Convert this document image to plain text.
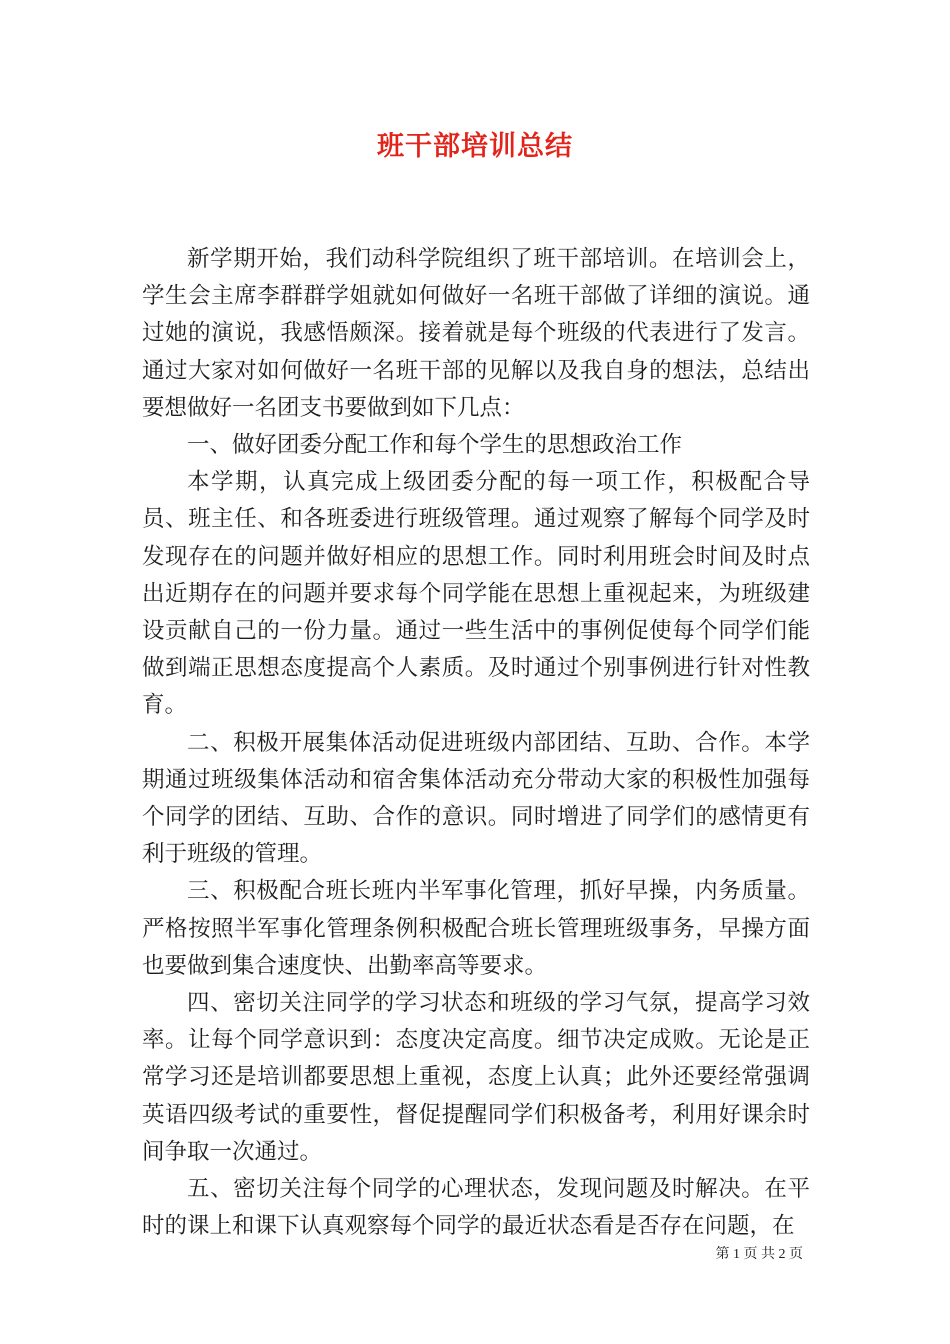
班干部培训总结

新学期开始，我们动科学院组织了班干部培训。在培训会上，学生会主席李群群学姐就如何做好一名班干部做了详细的演说。通过她的演说，我感悟颇深。接着就是每个班级的代表进行了发言。通过大家对如何做好一名班干部的见解以及我自身的想法，总结出要想做好一名团支书要做到如下几点：

一、做好团委分配工作和每个学生的思想政治工作

本学期，认真完成上级团委分配的每一项工作，积极配合导员、班主任、和各班委进行班级管理。通过观察了解每个同学及时发现存在的问题并做好相应的思想工作。同时利用班会时间及时点出近期存在的问题并要求每个同学能在思想上重视起来，为班级建设贡献自己的一份力量。通过一些生活中的事例促使每个同学们能做到端正思想态度提高个人素质。及时通过个别事例进行针对性教育。

二、积极开展集体活动促进班级内部团结、互助、合作。本学期通过班级集体活动和宿舍集体活动充分带动大家的积极性加强每个同学的团结、互助、合作的意识。同时增进了同学们的感情更有利于班级的管理。

三、积极配合班长班内半军事化管理，抓好早操，内务质量。严格按照半军事化管理条例积极配合班长管理班级事务，早操方面也要做到集合速度快、出勤率高等要求。

四、密切关注同学的学习状态和班级的学习气氛，提高学习效率。让每个同学意识到：态度决定高度。细节决定成败。无论是正常学习还是培训都要思想上重视，态度上认真；此外还要经常强调英语四级考试的重要性，督促提醒同学们积极备考，利用好课余时间争取一次通过。

五、密切关注每个同学的心理状态，发现问题及时解决。在平时的课上和课下认真观察每个同学的最近状态看是否存在问题，在

第 1 页 共 2 页
